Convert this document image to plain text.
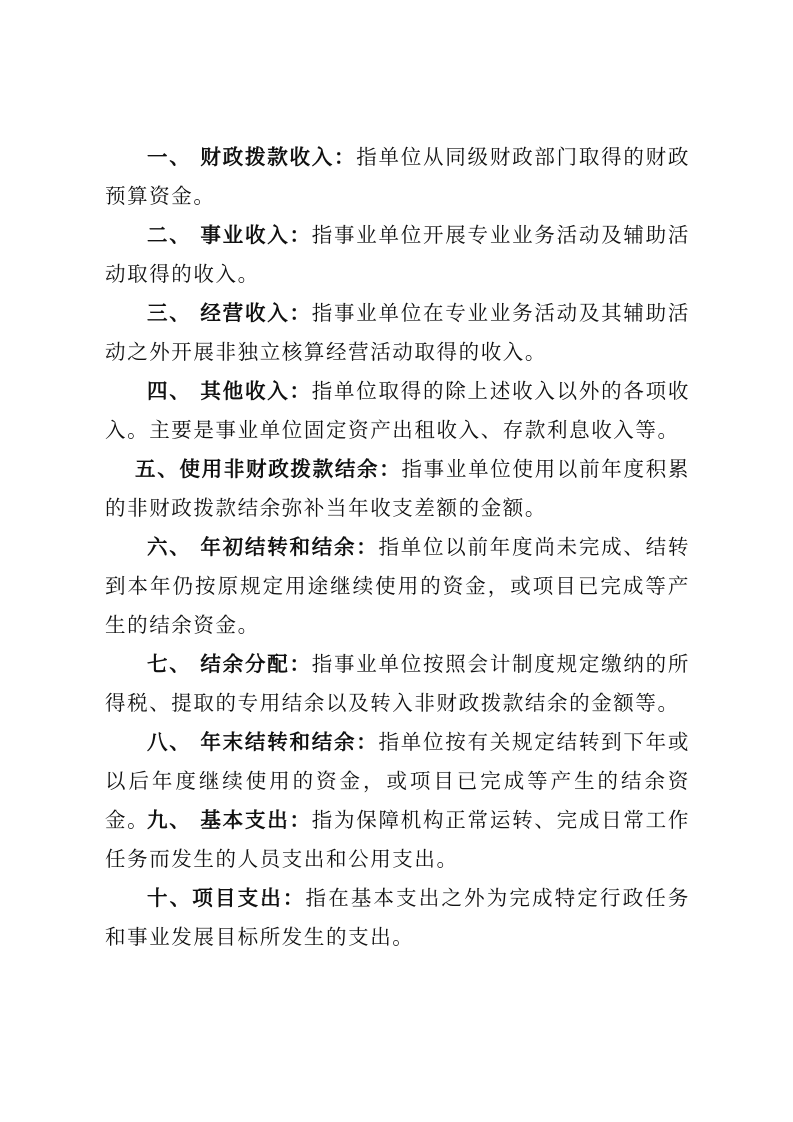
一、 财政拨款收入：指单位从同级财政部门取得的财政预算资金。

二、 事业收入：指事业单位开展专业业务活动及辅助活动取得的收入。

三、 经营收入：指事业单位在专业业务活动及其辅助活动之外开展非独立核算经营活动取得的收入。

四、 其他收入：指单位取得的除上述收入以外的各项收入。主要是事业单位固定资产出租收入、存款利息收入等。

五、使用非财政拨款结余：指事业单位使用以前年度积累的非财政拨款结余弥补当年收支差额的金额。

六、 年初结转和结余：指单位以前年度尚未完成、结转到本年仍按原规定用途继续使用的资金，或项目已完成等产生的结余资金。

七、 结余分配：指事业单位按照会计制度规定缴纳的所得税、提取的专用结余以及转入非财政拨款结余的金额等。

八、 年末结转和结余：指单位按有关规定结转到下年或以后年度继续使用的资金，或项目已完成等产生的结余资金。

九、 基本支出：指为保障机构正常运转、完成日常工作任务而发生的人员支出和公用支出。

十、项目支出：指在基本支出之外为完成特定行政任务和事业发展目标所发生的支出。
